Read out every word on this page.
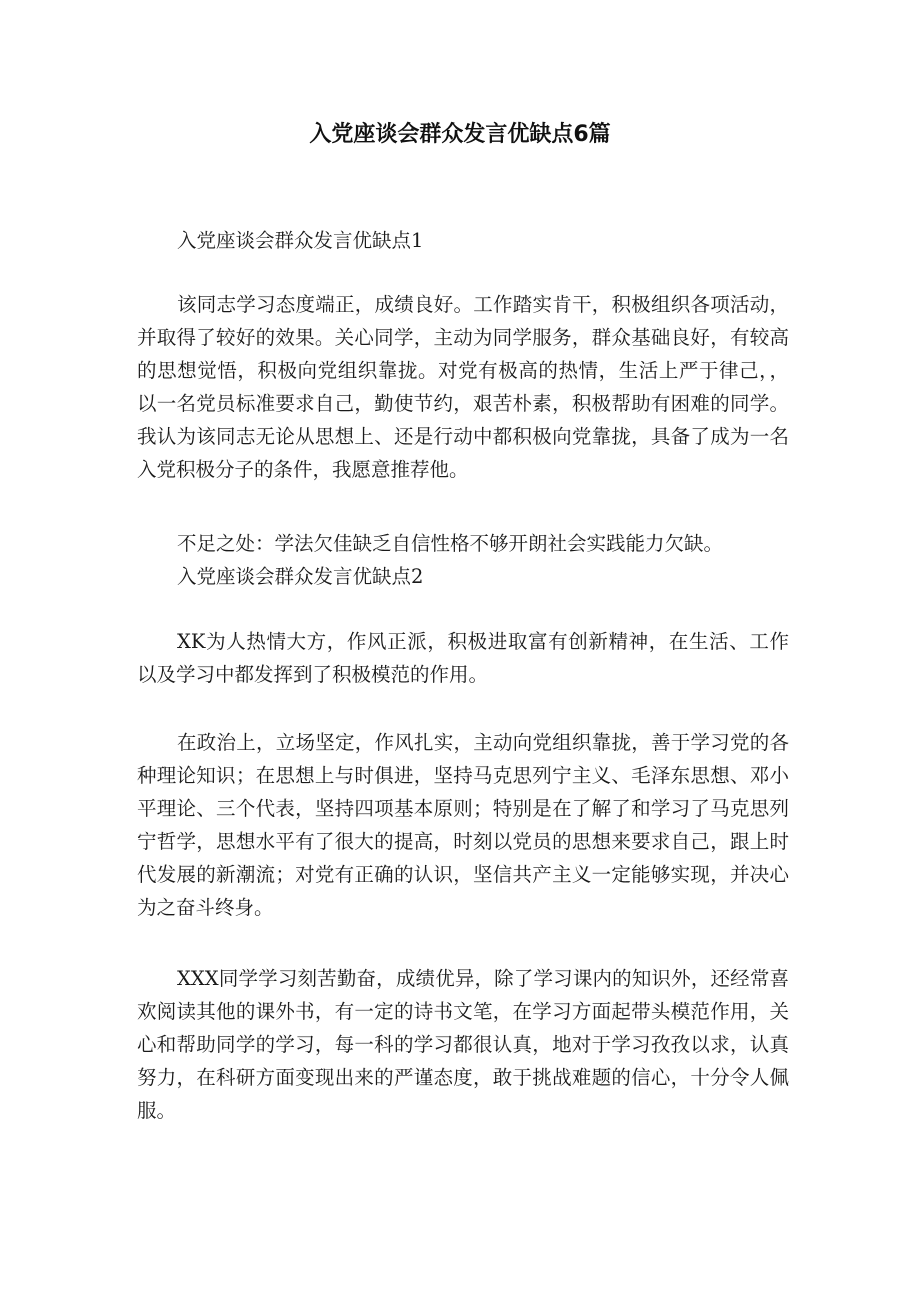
入党座谈会群众发言优缺点6篇

入党座谈会群众发言优缺点1

该同志学习态度端正，成绩良好。工作踏实肯干，积极组织各项活动，并取得了较好的效果。关心同学，主动为同学服务，群众基础良好，有较高的思想觉悟，积极向党组织靠拢。对党有极高的热情，生活上严于律己，，以一名党员标准要求自己，勤使节约，艰苦朴素，积极帮助有困难的同学。我认为该同志无论从思想上、还是行动中都积极向党靠拢，具备了成为一名入党积极分子的条件，我愿意推荐他。

不足之处：学法欠佳缺乏自信性格不够开朗社会实践能力欠缺。

入党座谈会群众发言优缺点2

XK为人热情大方，作风正派，积极进取富有创新精神，在生活、工作以及学习中都发挥到了积极模范的作用。

在政治上，立场坚定，作风扎实，主动向党组织靠拢，善于学习党的各种理论知识；在思想上与时俱进，坚持马克思列宁主义、毛泽东思想、邓小平理论、三个代表，坚持四项基本原则；特别是在了解了和学习了马克思列宁哲学，思想水平有了很大的提高，时刻以党员的思想来要求自己，跟上时代发展的新潮流；对党有正确的认识，坚信共产主义一定能够实现，并决心为之奋斗终身。

XXX同学学习刻苦勤奋，成绩优异，除了学习课内的知识外，还经常喜欢阅读其他的课外书，有一定的诗书文笔，在学习方面起带头模范作用，关心和帮助同学的学习，每一科的学习都很认真，地对于学习孜孜以求，认真努力，在科研方面变现出来的严谨态度，敢于挑战难题的信心，十分令人佩服。
